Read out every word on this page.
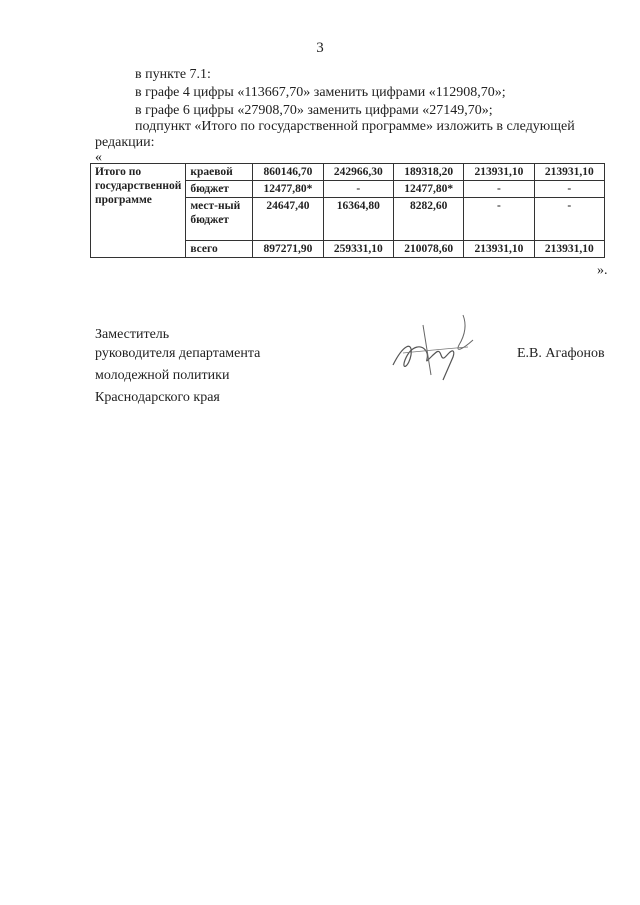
3
в пункте 7.1:
в графе 4 цифры «113667,70» заменить цифрами «112908,70»;
в графе 6 цифры «27908,70» заменить цифрами «27149,70»;
подпункт «Итого по государственной программе» изложить в следующей
редакции:
«
Итого по государственной программе	краевой	860146,70	242966,30	189318,20	213931,10	213931,10
	бюджет	12477,80*	-	12477,80*	-	-
	мест-ный бюджет	24647,40	16364,80	8282,60	-	-
	всего	897271,90	259331,10	210078,60	213931,10	213931,10
».
Заместитель
руководителя департамента
молодежной политики
Краснодарского края
Е.В. Агафонов
